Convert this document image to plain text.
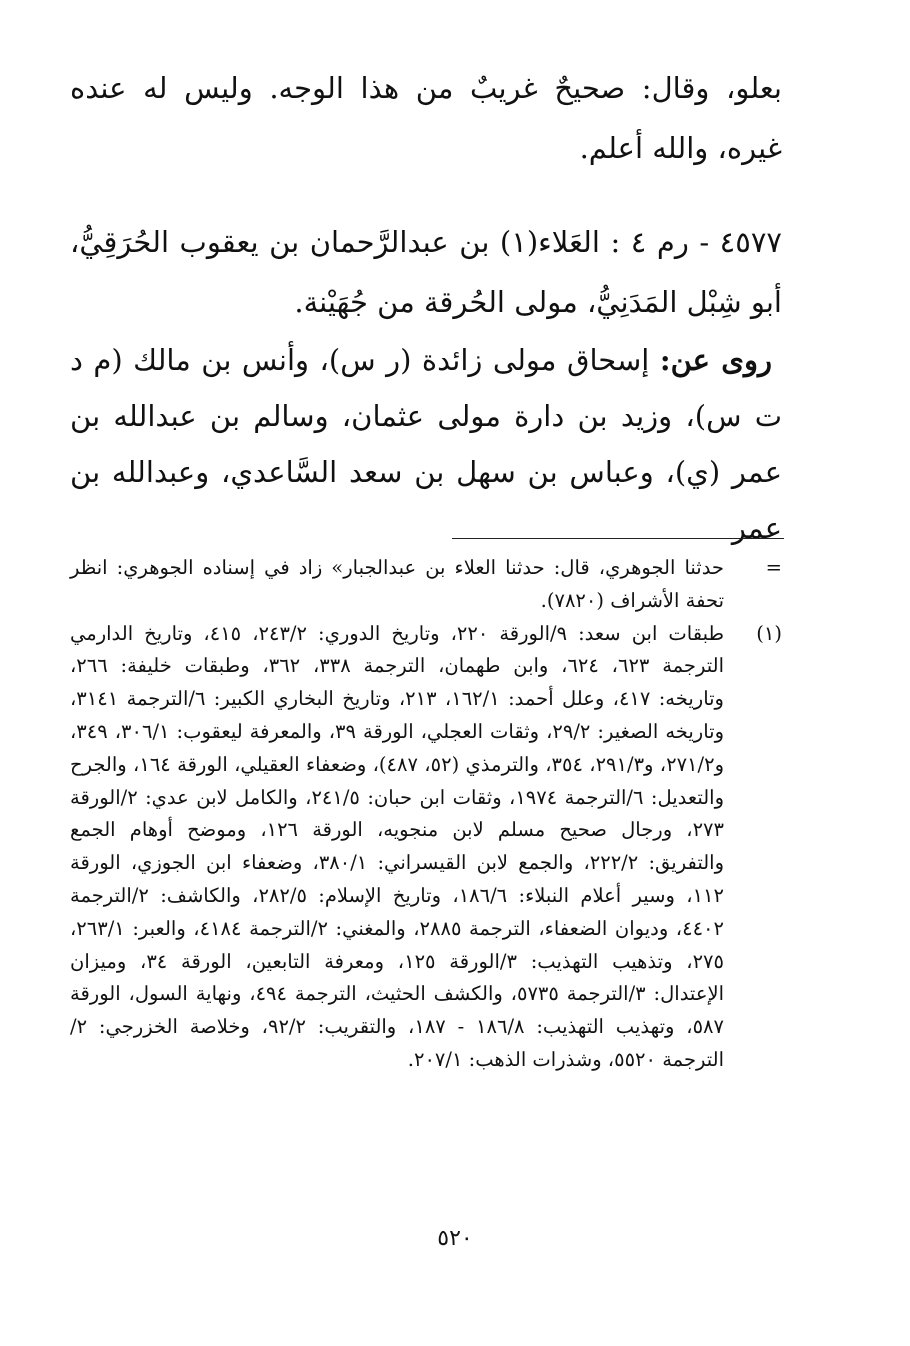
بعلو، وقال: صحيحٌ غريبٌ من هذا الوجه. وليس له عنده غيره، والله أعلم.

٤٥٧٧ - رم ٤ : العَلاء(١) بن عبدالرَّحمان بن يعقوب الحُرَقِيُّ، أبو شِبْل المَدَنِيُّ، مولى الحُرقة من جُهَيْنة.

روى عن: إسحاق مولى زائدة (ر س)، وأنس بن مالك (م د ت س)، وزيد بن دارة مولى عثمان، وسالم بن عبدالله بن عمر (ي)، وعباس بن سهل بن سعد السَّاعدي، وعبدالله بن عمر

=
حدثنا الجوهري، قال: حدثنا العلاء بن عبدالجبار» زاد في إسناده الجوهري: انظر تحفة الأشراف (٧٨٢٠).
(١)
طبقات ابن سعد: ٩/الورقة ٢٢٠، وتاريخ الدوري: ٢٤٣/٢، ٤١٥، وتاريخ الدارمي الترجمة ٦٢٣، ٦٢٤، وابن طهمان، الترجمة ٣٣٨، ٣٦٢، وطبقات خليفة: ٢٦٦، وتاريخه: ٤١٧، وعلل أحمد: ١٦٢/١، ٢١٣، وتاريخ البخاري الكبير: ٦/الترجمة ٣١٤١، وتاريخه الصغير: ٢٩/٢، وثقات العجلي، الورقة ٣٩، والمعرفة ليعقوب: ٣٠٦/١، ٣٤٩، و٢٧١/٢، و٢٩١/٣، ٣٥٤، والترمذي (٥٢، ٤٨٧)، وضعفاء العقيلي، الورقة ١٦٤، والجرح والتعديل: ٦/الترجمة ١٩٧٤، وثقات ابن حبان: ٢٤١/٥، والكامل لابن عدي: ٢/الورقة ٢٧٣، ورجال صحيح مسلم لابن منجويه، الورقة ١٢٦، وموضح أوهام الجمع والتفريق: ٢٢٢/٢، والجمع لابن القيسراني: ٣٨٠/١، وضعفاء ابن الجوزي، الورقة ١١٢، وسير أعلام النبلاء: ١٨٦/٦، وتاريخ الإسلام: ٢٨٢/٥، والكاشف: ٢/الترجمة ٤٤٠٢، وديوان الضعفاء، الترجمة ٢٨٨٥، والمغني: ٢/الترجمة ٤١٨٤، والعبر: ٢٦٣/١، ٢٧٥، وتذهيب التهذيب: ٣/الورقة ١٢٥، ومعرفة التابعين، الورقة ٣٤، وميزان الإعتدال: ٣/الترجمة ٥٧٣٥، والكشف الحثيث، الترجمة ٤٩٤، ونهاية السول، الورقة ٥٨٧، وتهذيب التهذيب: ١٨٦/٨ - ١٨٧، والتقريب: ٩٢/٢، وخلاصة الخزرجي: ٢/الترجمة ٥٥٢٠، وشذرات الذهب: ٢٠٧/١.
٥٢٠
